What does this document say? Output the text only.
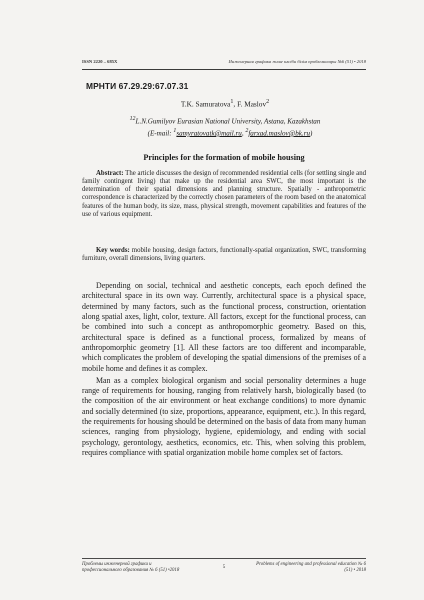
ISSN 2220 – 685X	Инженерная графика және кәсіби білім проблемалары №6 (51) • 2018
МРНТИ 67.29.29:67.07.31
T.K. Samuratova$^1$, F. Maslov$^2$
$^{12}$L.N.Gumilyov Eurasian National University, Astana, Kazakhstan
(E-mail: $^1$samyratovatk@mail.ru, $^2$farxad.maslov@bk.ru)
Principles for the formation of mobile housing
Abstract: The article discusses the design of recommended residential cells (for settling single and family contingent living) that make up the residential area SWC, the most important is the determination of their spatial dimensions and planning structure. Spatially - anthropometric correspondence is characterized by the correctly chosen parameters of the room based on the anatomical features of the human body, its size, mass, physical strength, movement capabilities and features of the use of various equipment.
Key words: mobile housing, design factors, functionally-spatial organization, SWC, transforming furniture, overall dimensions, living quarters.

Depending on social, technical and aesthetic concepts, each epoch defined the architectural space in its own way. Currently, architectural space is a physical space, determined by many factors, such as the functional process, construction, orientation along spatial axes, light, color, texture. All factors, except for the functional process, can be combined into such a concept as anthropomorphic geometry. Based on this, architectural space is defined as a functional process, formalized by means of anthropomorphic geometry [1]. All these factors are too different and incomparable, which complicates the problem of developing the spatial dimensions of the premises of a mobile home and defines it as complex.

Man as a complex biological organism and social personality determines a huge range of requirements for housing, ranging from relatively harsh, biologically based (to the composition of the air environment or heat exchange conditions) to more dynamic and socially determined (to size, proportions, appearance, equipment, etc.). In this regard, the requirements for housing should be determined on the basis of data from many human sciences, ranging from physiology, hygiene, epidemiology, and ending with social psychology, gerontology, aesthetics, economics, etc. This, when solving this problem, requires compliance with spatial organization mobile home complex set of factors.

Проблемы инженерной графики и профессионального образования № 6 (51) •2018
5
Problems of engineering and professional education № 6 (51) • 2018
